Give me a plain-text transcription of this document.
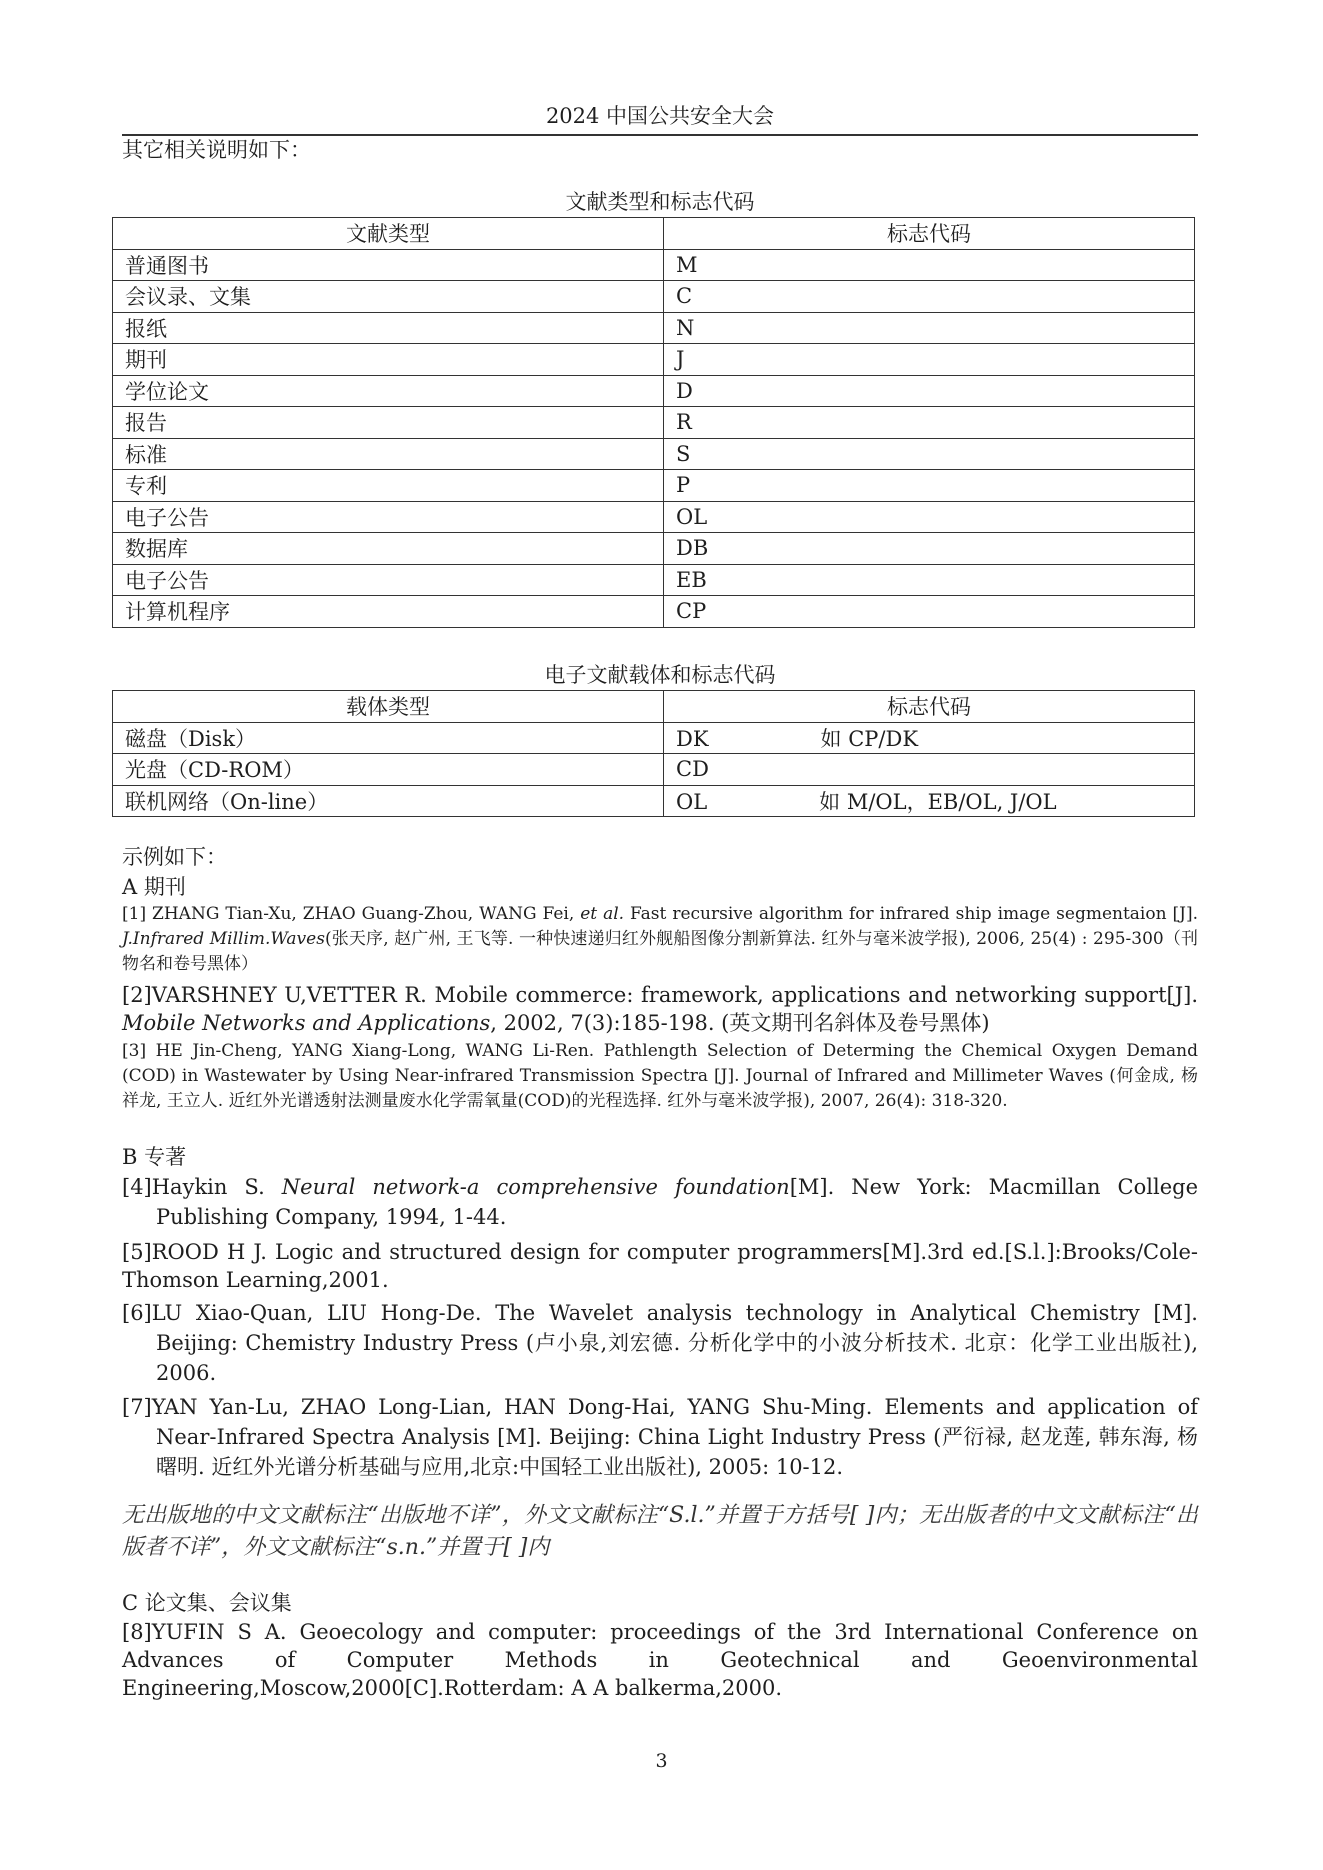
2024 中国公共安全大会
其它相关说明如下：
文献类型和标志代码
文献类型	标志代码
普通图书	M
会议录、文集	C
报纸	N
期刊	J
学位论文	D
报告	R
标准	S
专利	P
电子公告	OL
数据库	DB
电子公告	EB
计算机程序	CP
电子文献载体和标志代码
载体类型	标志代码
磁盘（Disk）	DK 如 CP/DK
光盘（CD-ROM）	CD
联机网络（On-line）	OL 如 M/OL，EB/OL, J/OL
示例如下：
A 期刊
[1] ZHANG Tian-Xu, ZHAO Guang-Zhou, WANG Fei, et al. Fast recursive algorithm for infrared ship image segmentaion [J]. J.Infrared Millim.Waves(张天序, 赵广州, 王飞等. 一种快速递归红外舰船图像分割新算法. 红外与毫米波学报), 2006, 25(4) : 295-300（刊物名和卷号黑体）
[2]VARSHNEY U,VETTER R. Mobile commerce: framework, applications and networking support[J]. Mobile Networks and Applications, 2002, 7(3):185-198. (英文期刊名斜体及卷号黑体)
[3] HE Jin-Cheng, YANG Xiang-Long, WANG Li-Ren. Pathlength Selection of Determing the Chemical Oxygen Demand (COD) in Wastewater by Using Near-infrared Transmission Spectra [J]. Journal of Infrared and Millimeter Waves (何金成, 杨祥龙, 王立人. 近红外光谱透射法测量废水化学需氧量(COD)的光程选择. 红外与毫米波学报), 2007, 26(4): 318-320.
B 专著
[4]Haykin S. Neural network-a comprehensive foundation[M]. New York: Macmillan College Publishing Company, 1994, 1-44.
[5]ROOD H J. Logic and structured design for computer programmers[M].3rd ed.[S.l.]:Brooks/Cole-Thomson Learning,2001.
[6]LU Xiao-Quan, LIU Hong-De. The Wavelet analysis technology in Analytical Chemistry [M]. Beijing: Chemistry Industry Press (卢小泉,刘宏德. 分析化学中的小波分析技术. 北京：化学工业出版社), 2006.
[7]YAN Yan-Lu, ZHAO Long-Lian, HAN Dong-Hai, YANG Shu-Ming. Elements and application of Near-Infrared Spectra Analysis [M]. Beijing: China Light Industry Press (严衍禄, 赵龙莲, 韩东海, 杨曙明. 近红外光谱分析基础与应用,北京:中国轻工业出版社), 2005: 10-12.
无出版地的中文文献标注“出版地不详”，外文文献标注“S.l.”并置于方括号[ ]内；无出版者的中文文献标注“出版者不详”，外文文献标注“s.n.”并置于[ ]内
C 论文集、会议集
[8]YUFIN S A. Geoecology and computer: proceedings of the 3rd International Conference on Advances of Computer Methods in Geotechnical and Geoenvironmental Engineering,Moscow,2000[C].Rotterdam: A A balkerma,2000.
3
